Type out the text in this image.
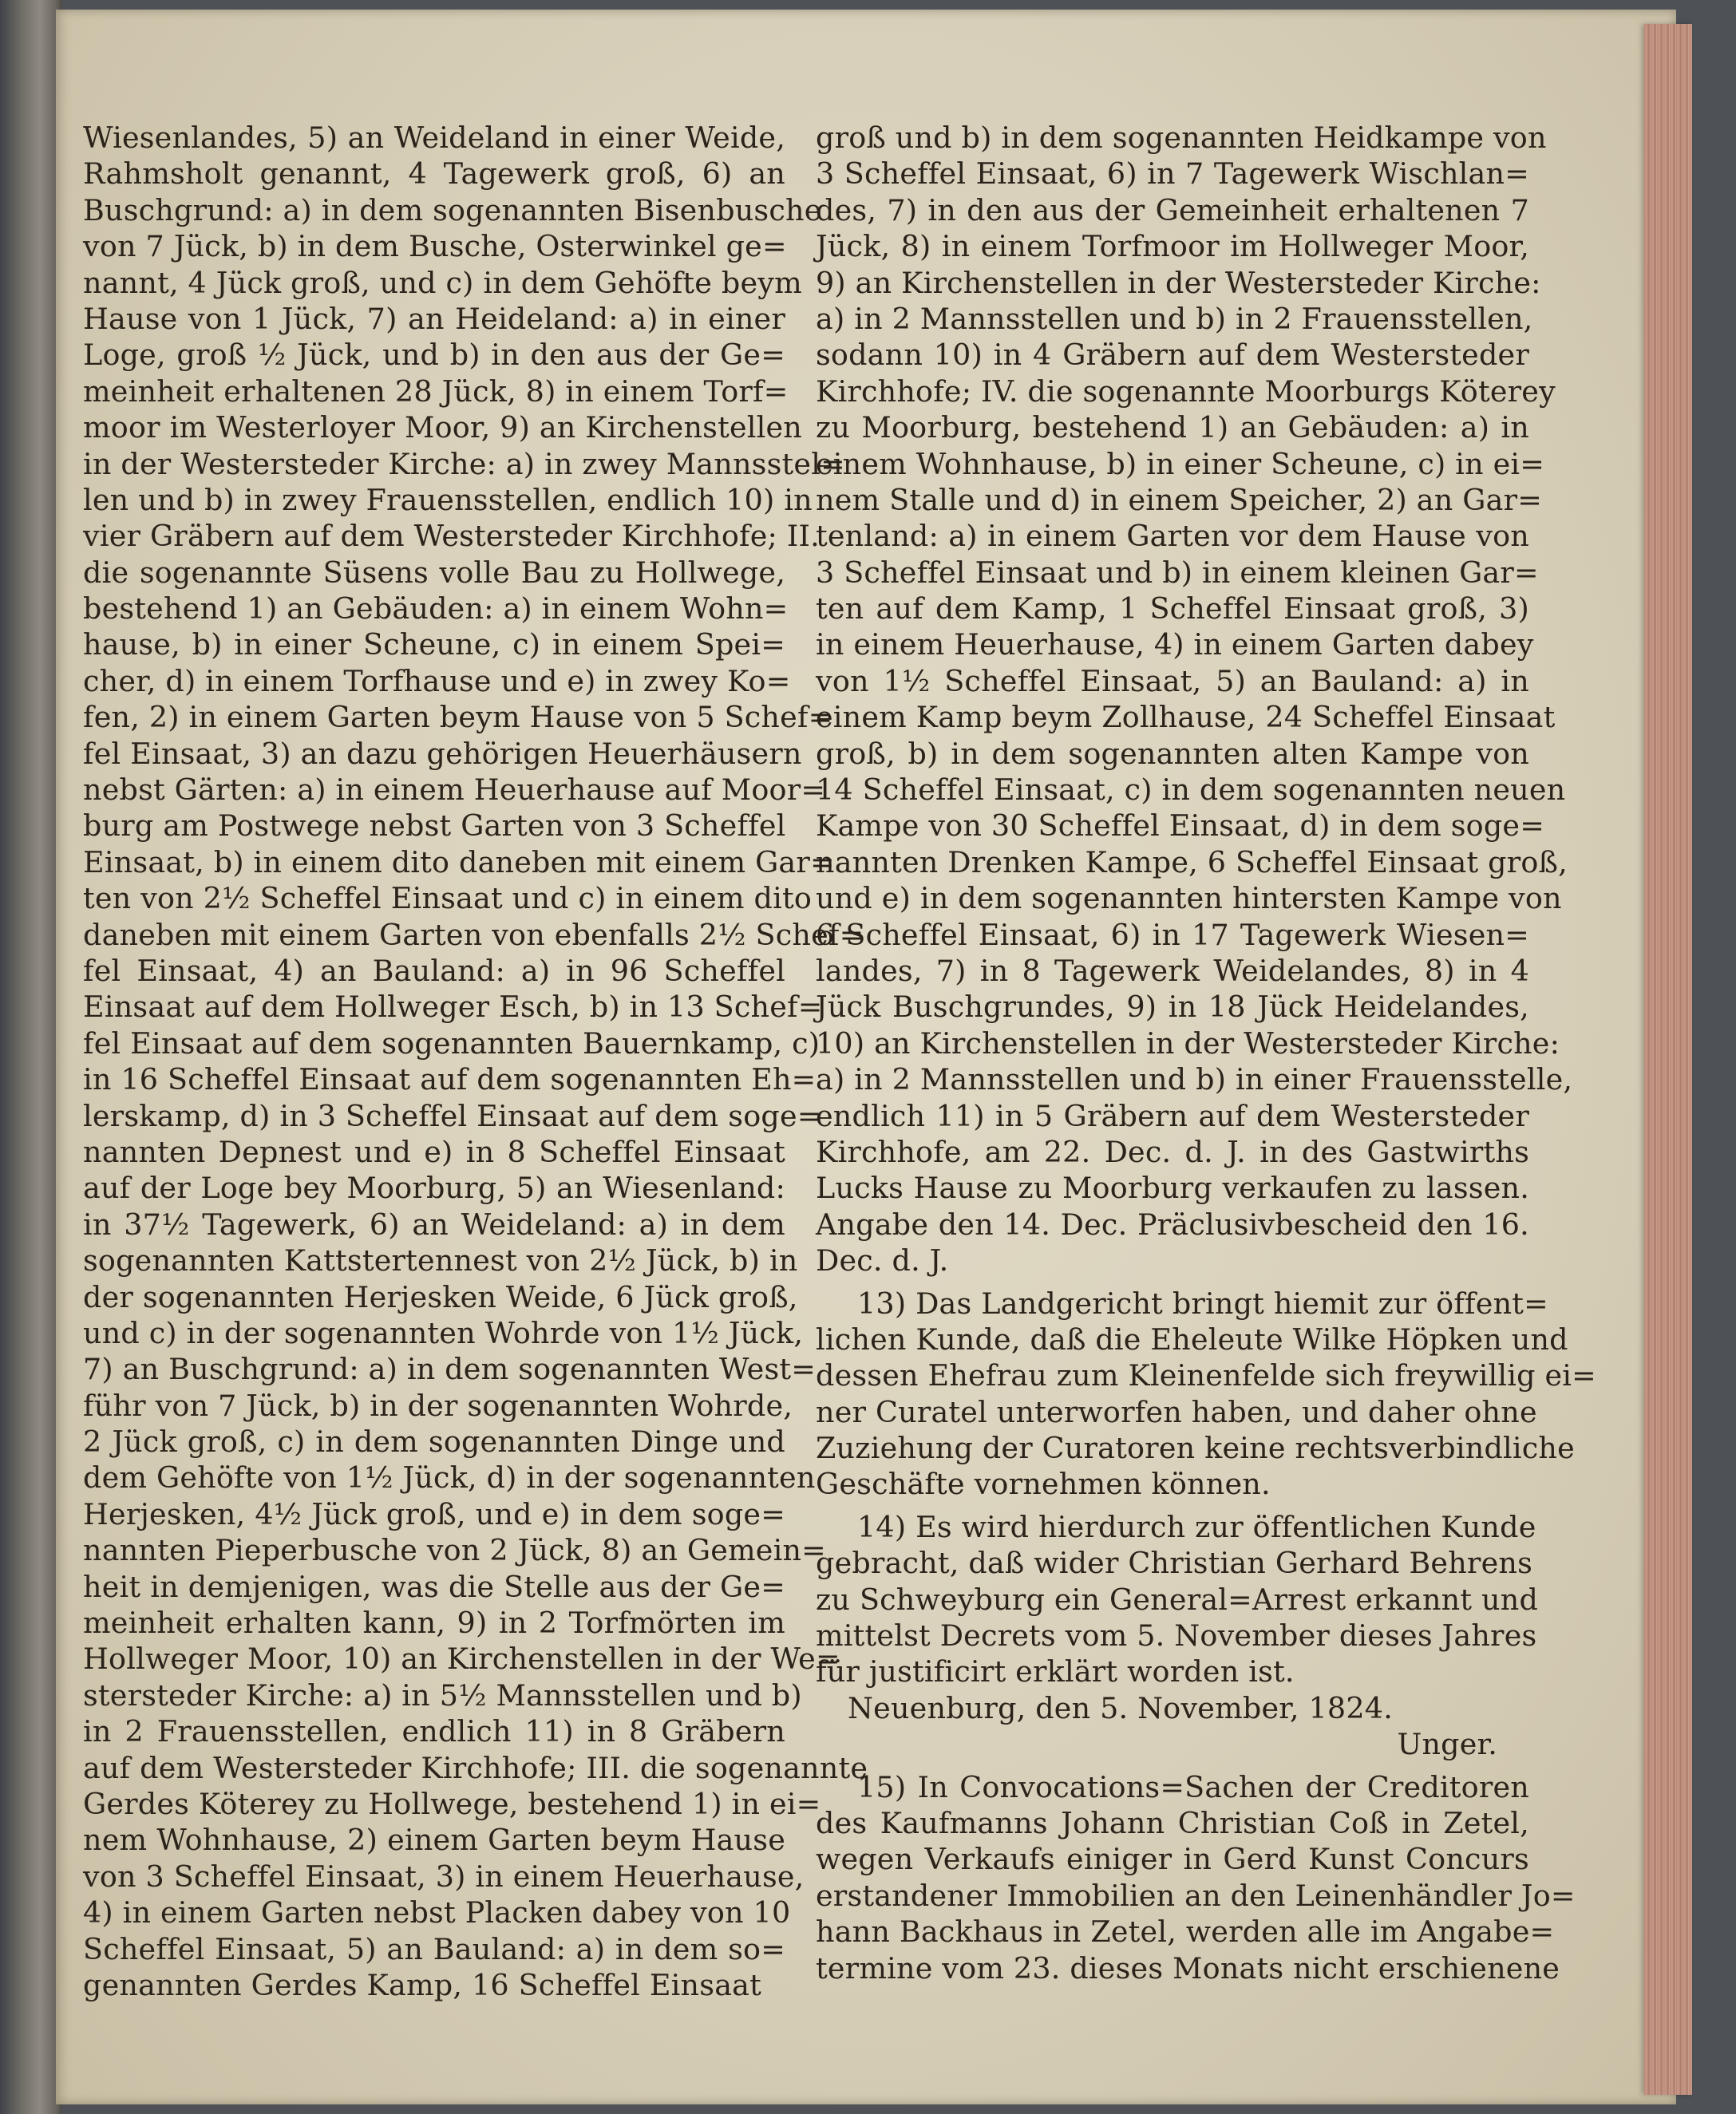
Wiesenlandes, 5) an Weideland in einer Weide,
Rahmsholt genannt, 4 Tagewerk groß, 6) an
Buschgrund: a) in dem sogenannten Bisenbusche
von 7 Jück, b) in dem Busche, Osterwinkel ge=
nannt, 4 Jück groß, und c) in dem Gehöfte beym
Hause von 1 Jück, 7) an Heideland: a) in einer
Loge, groß ½ Jück, und b) in den aus der Ge=
meinheit erhaltenen 28 Jück, 8) in einem Torf=
moor im Westerloyer Moor, 9) an Kirchenstellen
in der Westersteder Kirche: a) in zwey Mannsstel=
len und b) in zwey Frauensstellen, endlich 10) in
vier Gräbern auf dem Westersteder Kirchhofe; II.
die sogenannte Süsens volle Bau zu Hollwege,
bestehend 1) an Gebäuden: a) in einem Wohn=
hause, b) in einer Scheune, c) in einem Spei=
cher, d) in einem Torfhause und e) in zwey Ko=
fen, 2) in einem Garten beym Hause von 5 Schef=
fel Einsaat, 3) an dazu gehörigen Heuerhäusern
nebst Gärten: a) in einem Heuerhause auf Moor=
burg am Postwege nebst Garten von 3 Scheffel
Einsaat, b) in einem dito daneben mit einem Gar=
ten von 2½ Scheffel Einsaat und c) in einem dito
daneben mit einem Garten von ebenfalls 2½ Schef=
fel Einsaat, 4) an Bauland: a) in 96 Scheffel
Einsaat auf dem Hollweger Esch, b) in 13 Schef=
fel Einsaat auf dem sogenannten Bauernkamp, c)
in 16 Scheffel Einsaat auf dem sogenannten Eh=
lerskamp, d) in 3 Scheffel Einsaat auf dem soge=
nannten Depnest und e) in 8 Scheffel Einsaat
auf der Loge bey Moorburg, 5) an Wiesenland:
in 37½ Tagewerk, 6) an Weideland: a) in dem
sogenannten Kattstertennest von 2½ Jück, b) in
der sogenannten Herjesken Weide, 6 Jück groß,
und c) in der sogenannten Wohrde von 1½ Jück,
7) an Buschgrund: a) in dem sogenannten West=
führ von 7 Jück, b) in der sogenannten Wohrde,
2 Jück groß, c) in dem sogenannten Dinge und
dem Gehöfte von 1½ Jück, d) in der sogenannten
Herjesken, 4½ Jück groß, und e) in dem soge=
nannten Pieperbusche von 2 Jück, 8) an Gemein=
heit in demjenigen, was die Stelle aus der Ge=
meinheit erhalten kann, 9) in 2 Torfmörten im
Hollweger Moor, 10) an Kirchenstellen in der We=
stersteder Kirche: a) in 5½ Mannsstellen und b)
in 2 Frauensstellen, endlich 11) in 8 Gräbern
auf dem Westersteder Kirchhofe; III. die sogenannte
Gerdes Köterey zu Hollwege, bestehend 1) in ei=
nem Wohnhause, 2) einem Garten beym Hause
von 3 Scheffel Einsaat, 3) in einem Heuerhause,
4) in einem Garten nebst Placken dabey von 10
Scheffel Einsaat, 5) an Bauland: a) in dem so=
genannten Gerdes Kamp, 16 Scheffel Einsaat
groß und b) in dem sogenannten Heidkampe von
3 Scheffel Einsaat, 6) in 7 Tagewerk Wischlan=
des, 7) in den aus der Gemeinheit erhaltenen 7
Jück, 8) in einem Torfmoor im Hollweger Moor,
9) an Kirchenstellen in der Westersteder Kirche:
a) in 2 Mannsstellen und b) in 2 Frauensstellen,
sodann 10) in 4 Gräbern auf dem Westersteder
Kirchhofe; IV. die sogenannte Moorburgs Köterey
zu Moorburg, bestehend 1) an Gebäuden: a) in
einem Wohnhause, b) in einer Scheune, c) in ei=
nem Stalle und d) in einem Speicher, 2) an Gar=
tenland: a) in einem Garten vor dem Hause von
3 Scheffel Einsaat und b) in einem kleinen Gar=
ten auf dem Kamp, 1 Scheffel Einsaat groß, 3)
in einem Heuerhause, 4) in einem Garten dabey
von 1½ Scheffel Einsaat, 5) an Bauland: a) in
einem Kamp beym Zollhause, 24 Scheffel Einsaat
groß, b) in dem sogenannten alten Kampe von
14 Scheffel Einsaat, c) in dem sogenannten neuen
Kampe von 30 Scheffel Einsaat, d) in dem soge=
nannten Drenken Kampe, 6 Scheffel Einsaat groß,
und e) in dem sogenannten hintersten Kampe von
6 Scheffel Einsaat, 6) in 17 Tagewerk Wiesen=
landes, 7) in 8 Tagewerk Weidelandes, 8) in 4
Jück Buschgrundes, 9) in 18 Jück Heidelandes,
10) an Kirchenstellen in der Westersteder Kirche:
a) in 2 Mannsstellen und b) in einer Frauensstelle,
endlich 11) in 5 Gräbern auf dem Westersteder
Kirchhofe, am 22. Dec. d. J. in des Gastwirths
Lucks Hause zu Moorburg verkaufen zu lassen.
Angabe den 14. Dec. Präclusivbescheid den 16.
Dec. d. J.
13) Das Landgericht bringt hiemit zur öffent=
lichen Kunde, daß die Eheleute Wilke Höpken und
dessen Ehefrau zum Kleinenfelde sich freywillig ei=
ner Curatel unterworfen haben, und daher ohne
Zuziehung der Curatoren keine rechtsverbindliche
Geschäfte vornehmen können.
14) Es wird hierdurch zur öffentlichen Kunde
gebracht, daß wider Christian Gerhard Behrens
zu Schweyburg ein General=Arrest erkannt und
mittelst Decrets vom 5. November dieses Jahres
für justificirt erklärt worden ist.
Neuenburg, den 5. November, 1824.
Unger.
15) In Convocations=Sachen der Creditoren
des Kaufmanns Johann Christian Coß in Zetel,
wegen Verkaufs einiger in Gerd Kunst Concurs
erstandener Immobilien an den Leinenhändler Jo=
hann Backhaus in Zetel, werden alle im Angabe=
termine vom 23. dieses Monats nicht erschienene
